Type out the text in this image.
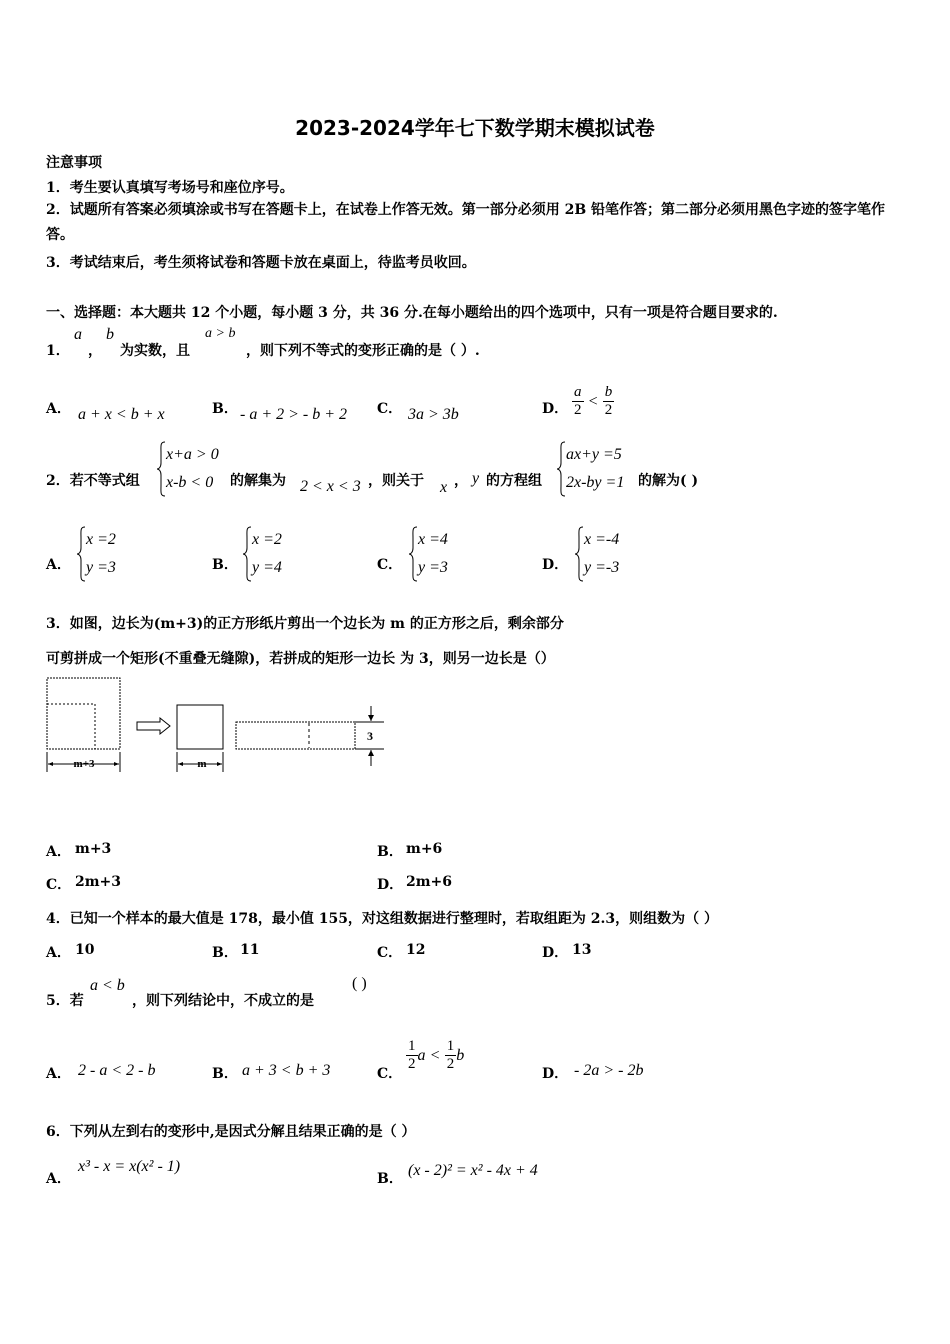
2023-2024学年七下数学期末模拟试卷
注意事项
1．考生要认真填写考场号和座位序号。
2．试题所有答案必须填涂或书写在答题卡上，在试卷上作答无效。第一部分必须用 2B 铅笔作答；第二部分必须用黑色字迹的签字笔作答。
3．考试结束后，考生须将试卷和答题卡放在桌面上，待监考员收回。
一、选择题：本大题共 12 个小题，每小题 3 分，共 36 分.在每小题给出的四个选项中，只有一项是符合题目要求的.
1．
a
，
b
为实数，且
a > b
，则下列不等式的变形正确的是（ ）.
A． a + x < b + x	B． - a + 2 > - b + 2 C． 3a > 3b	D． $\frac{a}{2} < \frac{b}{2}$
2．若不等式组
x+a > 0
x-b < 0	的解集为 2 < x < 3 ，则关于 x ， y 的方程组
ax+y =5
2x-by =1 的解为( )
A．
x =2
y =3	B．
x =2
y =4	C．
x =4
y =3	D．
x =-4
y =-3
3．如图，边长为(m+3)的正方形纸片剪出一个边长为 m 的正方形之后，剩余部分
可剪拼成一个矩形(不重叠无缝隙)，若拼成的矩形一边长 为 3，则另一边长是（）
m+3	m
3
A． m+3	B． m+6
C． 2m+3	D． 2m+6
4．已知一个样本的最大值是 178，最小值 155，对这组数据进行整理时，若取组距为 2.3，则组数为（ ）
A． 10	B． 11	C． 12	D． 13
5．若
a < b
，则下列结论中，不成立的是
( )
A． 2 - a < 2 - b	B． a + 3 < b + 3	C．
$\frac{1}{2}$ $a < \frac{1}{2}$ b
D． - 2a > - 2b
6．下列从左到右的变形中,是因式分解且结果正确的是（ ）
A．
x³ - x = x(x² - 1)
B． (x - 2)² = x² - 4x + 4
